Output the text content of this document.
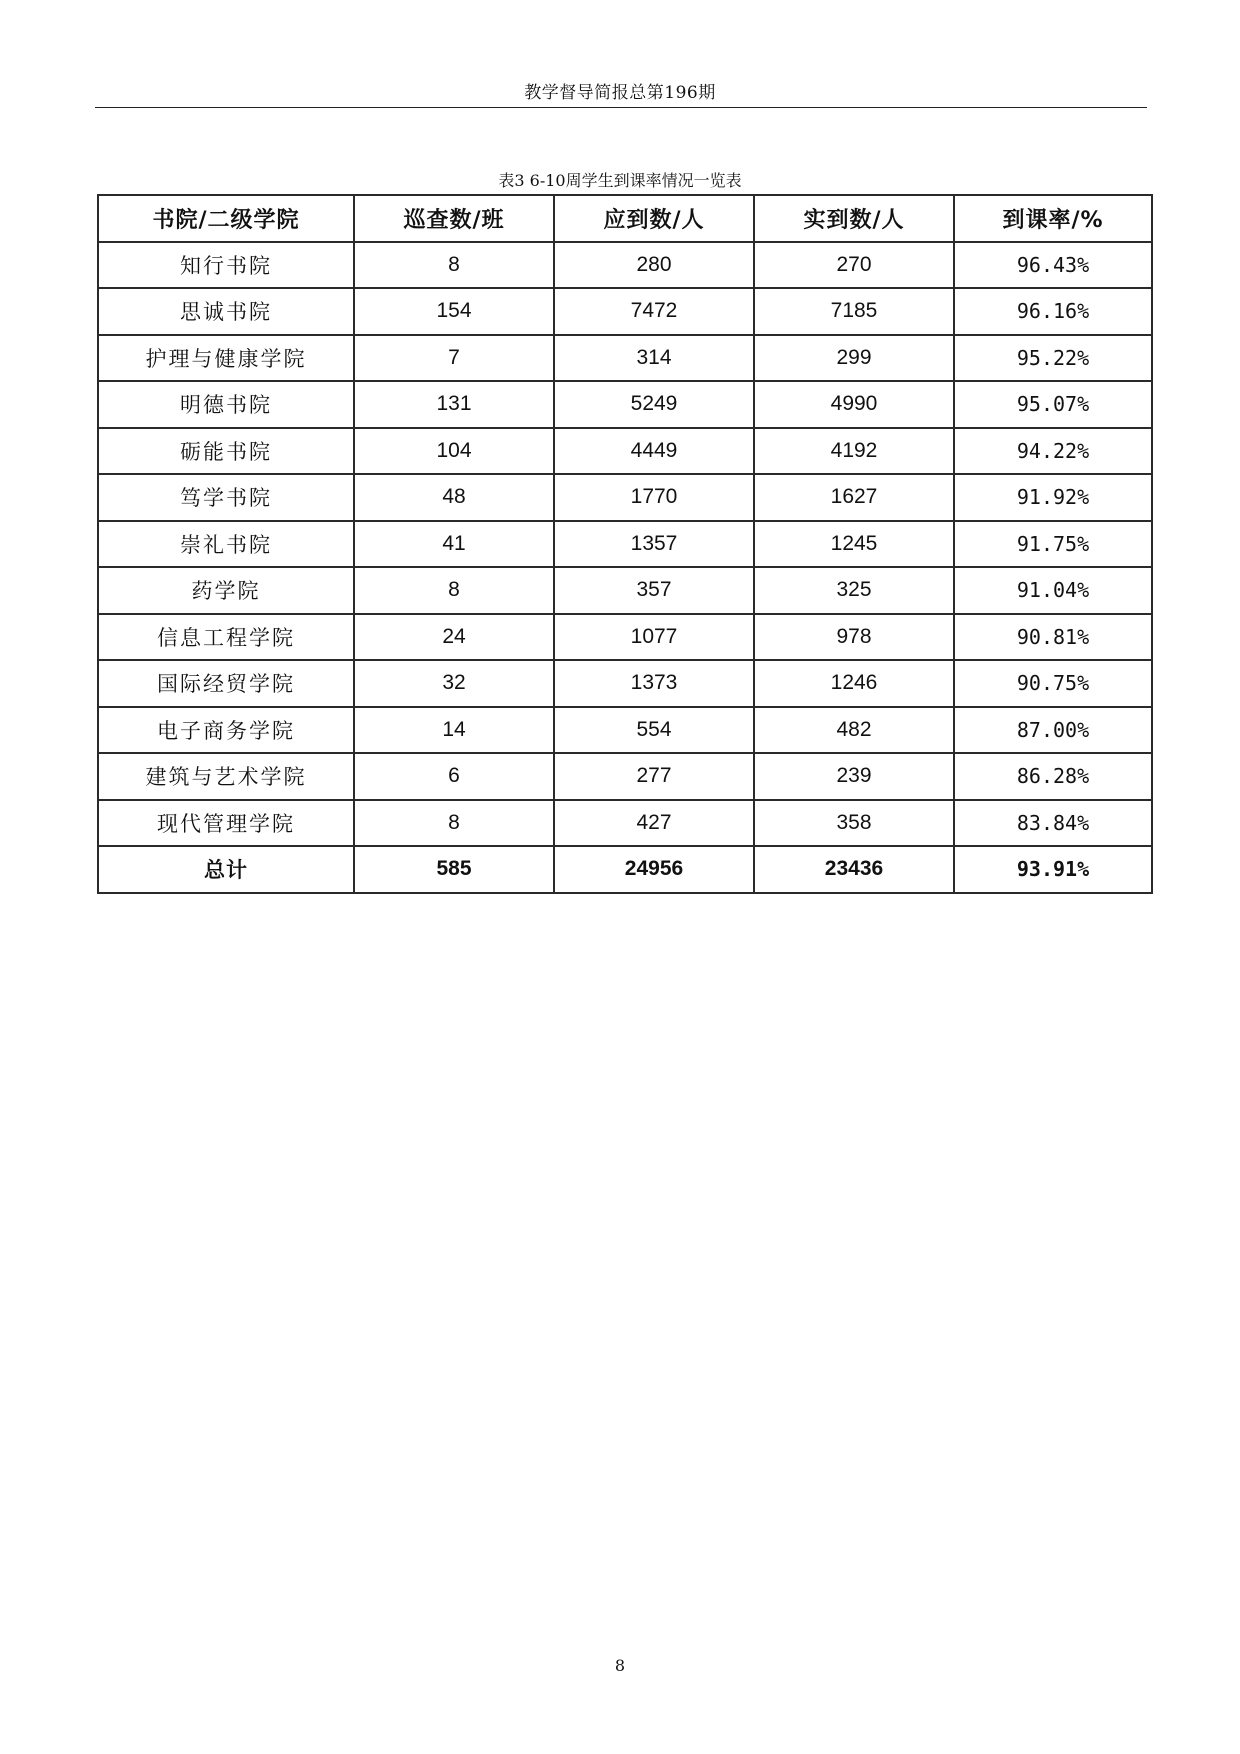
教学督导简报总第196期
表3 6-10周学生到课率情况一览表
书院/二级学院	巡查数/班	应到数/人	实到数/人	到课率/%
知行书院	8	280	270	96.43%
思诚书院	154	7472	7185	96.16%
护理与健康学院	7	314	299	95.22%
明德书院	131	5249	4990	95.07%
砺能书院	104	4449	4192	94.22%
笃学书院	48	1770	1627	91.92%
崇礼书院	41	1357	1245	91.75%
药学院	8	357	325	91.04%
信息工程学院	24	1077	978	90.81%
国际经贸学院	32	1373	1246	90.75%
电子商务学院	14	554	482	87.00%
建筑与艺术学院	6	277	239	86.28%
现代管理学院	8	427	358	83.84%
总计	585	24956	23436	93.91%
8
